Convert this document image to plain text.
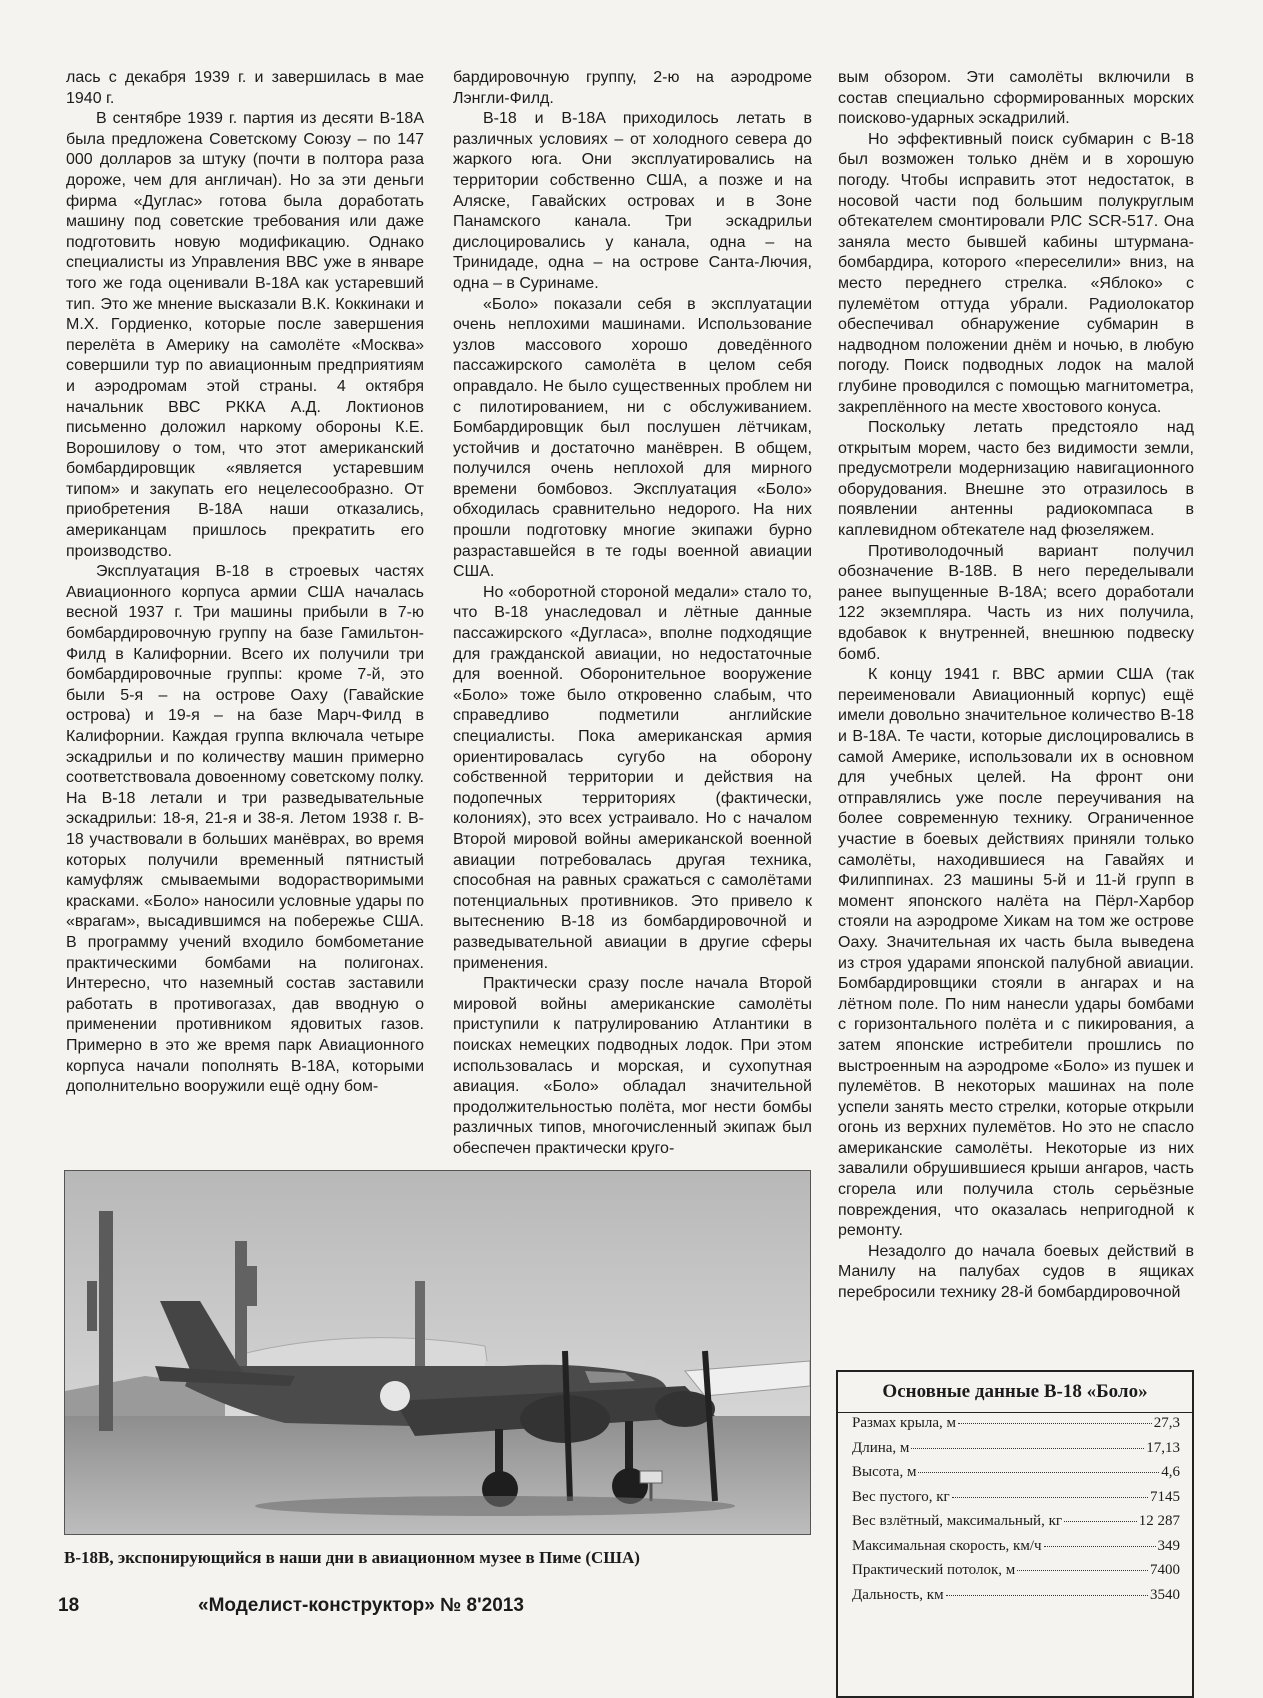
лась с декабря 1939 г. и завершилась в мае 1940 г.

В сентябре 1939 г. партия из десяти B-18A была предложена Советскому Союзу – по 147 000 долларов за штуку (почти в полтора раза дороже, чем для англичан). Но за эти деньги фирма «Дуглас» готова была доработать машину под советские требования или даже подготовить новую модификацию. Однако специалисты из Управления ВВС уже в январе того же года оценивали B-18A как устаревший тип. Это же мнение высказали В.К. Коккинаки и М.Х. Гордиенко, которые после завершения перелёта в Америку на самолёте «Москва» совершили тур по авиационным предприятиям и аэродромам этой страны. 4 октября начальник ВВС РККА А.Д. Локтионов письменно доложил наркому обороны К.Е. Ворошилову о том, что этот американский бомбардировщик «является устаревшим типом» и закупать его нецелесообразно. От приобретения B-18A наши отказались, американцам пришлось прекратить его производство.

Эксплуатация B-18 в строевых частях Авиационного корпуса армии США началась весной 1937 г. Три машины прибыли в 7-ю бомбардировочную группу на базе Гамильтон-Филд в Калифорнии. Всего их получили три бомбардировочные группы: кроме 7-й, это были 5-я – на острове Оаху (Гавайские острова) и 19-я – на базе Марч-Филд в Калифорнии. Каждая группа включала четыре эскадрильи и по количеству машин примерно соответствовала довоенному советскому полку. На B-18 летали и три разведывательные эскадрильи: 18-я, 21-я и 38-я. Летом 1938 г. B-18 участвовали в больших манёврах, во время которых получили временный пятнистый камуфляж смываемыми водорастворимыми красками. «Боло» наносили условные удары по «врагам», высадившимся на побережье США. В программу учений входило бомбометание практическими бомбами на полигонах. Интересно, что наземный состав заставили работать в противогазах, дав вводную о применении противником ядовитых газов. Примерно в это же время парк Авиационного корпуса начали пополнять B-18A, которыми дополнительно вооружили ещё одну бом-

бардировочную группу, 2-ю на аэродроме Лэнгли-Филд.

B-18 и B-18A приходилось летать в различных условиях – от холодного севера до жаркого юга. Они эксплуатировались на территории собственно США, а позже и на Аляске, Гавайских островах и в Зоне Панамского канала. Три эскадрильи дислоцировались у канала, одна – на Тринидаде, одна – на острове Санта-Лючия, одна – в Суринаме.

«Боло» показали себя в эксплуатации очень неплохими машинами. Использование узлов массового хорошо доведённого пассажирского самолёта в целом себя оправдало. Не было существенных проблем ни с пилотированием, ни с обслуживанием. Бомбардировщик был послушен лётчикам, устойчив и достаточно манёврен. В общем, получился очень неплохой для мирного времени бомбовоз. Эксплуатация «Боло» обходилась сравнительно недорого. На них прошли подготовку многие экипажи бурно разраставшейся в те годы военной авиации США.

Но «оборотной стороной медали» стало то, что B-18 унаследовал и лётные данные пассажирского «Дугласа», вполне подходящие для гражданской авиации, но недостаточные для военной. Оборонительное вооружение «Боло» тоже было откровенно слабым, что справедливо подметили английские специалисты. Пока американская армия ориентировалась сугубо на оборону собственной территории и действия на подопечных территориях (фактически, колониях), это всех устраивало. Но с началом Второй мировой войны американской военной авиации потребовалась другая техника, способная на равных сражаться с самолётами потенциальных противников. Это привело к вытеснению B-18 из бомбардировочной и разведывательной авиации в другие сферы применения.

Практически сразу после начала Второй мировой войны американские самолёты приступили к патрулированию Атлантики в поисках немецких подводных лодок. При этом использовалась и морская, и сухопутная авиация. «Боло» обладал значительной продолжительностью полёта, мог нести бомбы различных типов, многочисленный экипаж был обеспечен практически круго-

вым обзором. Эти самолёты включили в состав специально сформированных морских поисково-ударных эскадрилий.

Но эффективный поиск субмарин с B-18 был возможен только днём и в хорошую погоду. Чтобы исправить этот недостаток, в носовой части под большим полукруглым обтекателем смонтировали РЛС SCR-517. Она заняла место бывшей кабины штурмана-бомбардира, которого «переселили» вниз, на место переднего стрелка. «Яблоко» с пулемётом оттуда убрали. Радиолокатор обеспечивал обнаружение субмарин в надводном положении днём и ночью, в любую погоду. Поиск подводных лодок на малой глубине проводился с помощью магнитометра, закреплённого на месте хвостового конуса.

Поскольку летать предстояло над открытым морем, часто без видимости земли, предусмотрели модернизацию навигационного оборудования. Внешне это отразилось в появлении антенны радиокомпаса в каплевидном обтекателе над фюзеляжем.

Противолодочный вариант получил обозначение B-18B. В него переделывали ранее выпущенные B-18A; всего доработали 122 экземпляра. Часть из них получила, вдобавок к внутренней, внешнюю подвеску бомб.

К концу 1941 г. ВВС армии США (так переименовали Авиационный корпус) ещё имели довольно значительное количество B-18 и B-18A. Те части, которые дислоцировались в самой Америке, использовали их в основном для учебных целей. На фронт они отправлялись уже после переучивания на более современную технику. Ограниченное участие в боевых действиях приняли только самолёты, находившиеся на Гавайях и Филиппинах. 23 машины 5-й и 11-й групп в момент японского налёта на Пёрл-Харбор стояли на аэродроме Хикам на том же острове Оаху. Значительная их часть была выведена из строя ударами японской палубной авиации. Бомбардировщики стояли в ангарах и на лётном поле. По ним нанесли удары бомбами с горизонтального полёта и с пикирования, а затем японские истребители прошлись по выстроенным на аэродроме «Боло» из пушек и пулемётов. В некоторых машинах на поле успели занять место стрелки, которые открыли огонь из верхних пулемётов. Но это не спасло американские самолёты. Некоторые из них завалили обрушившиеся крыши ангаров, часть сгорела или получила столь серьёзные повреждения, что оказалась непригодной к ремонту.

Незадолго до начала боевых действий в Манилу на палубах судов в ящиках перебросили технику 28-й бомбардировочной

B-18B, экспонирующийся в наши дни в авиационном музее в Пиме (США)
Основные данные B-18 «Боло»
Размах крыла, м	27,3
Длина, м	17,13
Высота, м	4,6
Вес пустого, кг	7145
Вес взлётный, максимальный, кг	12 287
Максимальная скорость, км/ч	349
Практический потолок, м	7400
Дальность, км	3540
18	«Моделист-конструктор» № 8'2013
